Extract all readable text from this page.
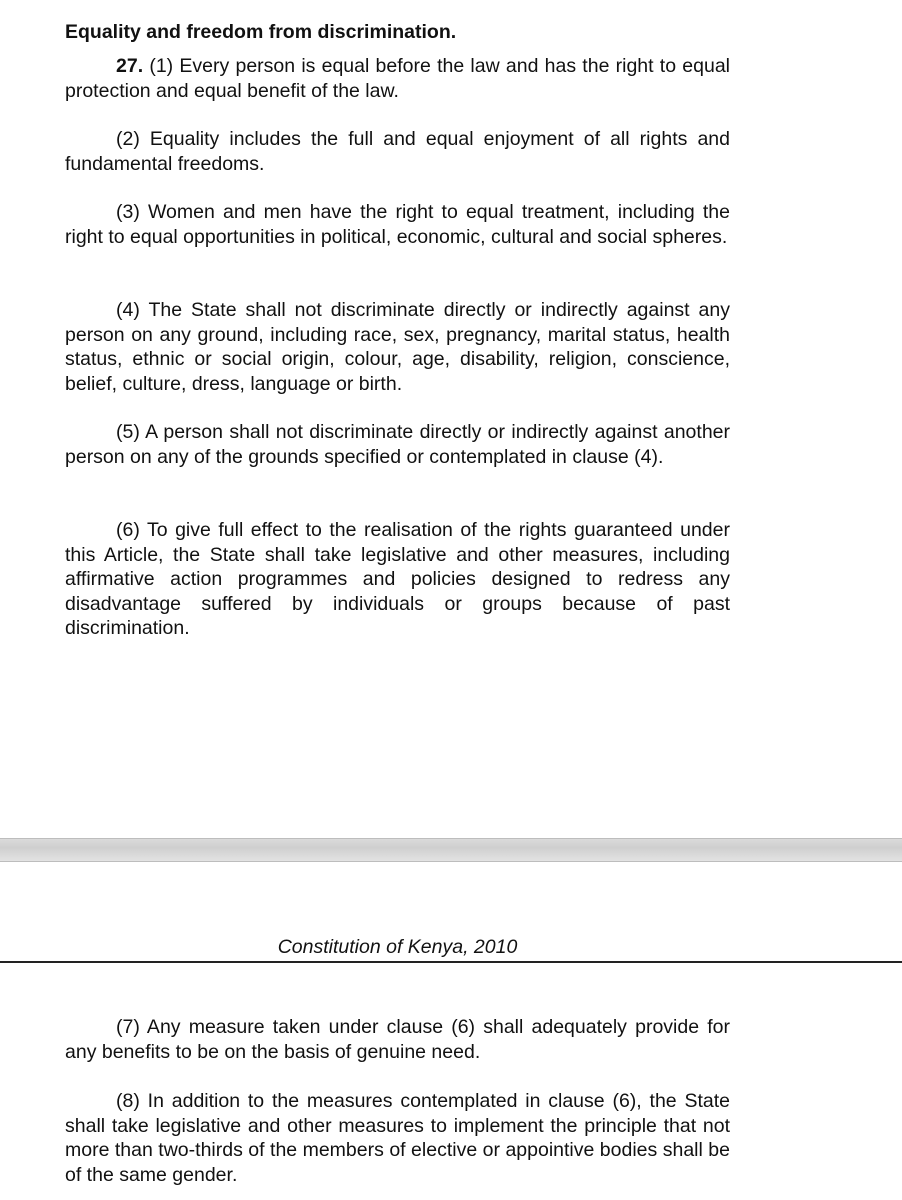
Equality and freedom from discrimination.

27. (1) Every person is equal before the law and has the right to equal protection and equal benefit of the law.

(2) Equality includes the full and equal enjoyment of all rights and fundamental freedoms.

(3) Women and men have the right to equal treatment, including the right to equal opportunities in political, economic, cultural and social spheres.

(4) The State shall not discriminate directly or indirectly against any person on any ground, including race, sex, pregnancy, marital status, health status, ethnic or social origin, colour, age, disability, religion, conscience, belief, culture, dress, language or birth.

(5) A person shall not discriminate directly or indirectly against another person on any of the grounds specified or contemplated in clause (4).

(6) To give full effect to the realisation of the rights guaranteed under this Article, the State shall take legislative and other measures, including affirmative action programmes and policies designed to redress any disadvantage suffered by individuals or groups because of past discrimination.

Constitution of Kenya, 2010

(7) Any measure taken under clause (6) shall adequately provide for any benefits to be on the basis of genuine need.

(8) In addition to the measures contemplated in clause (6), the State shall take legislative and other measures to implement the principle that not more than two-thirds of the members of elective or appointive bodies shall be of the same gender.
